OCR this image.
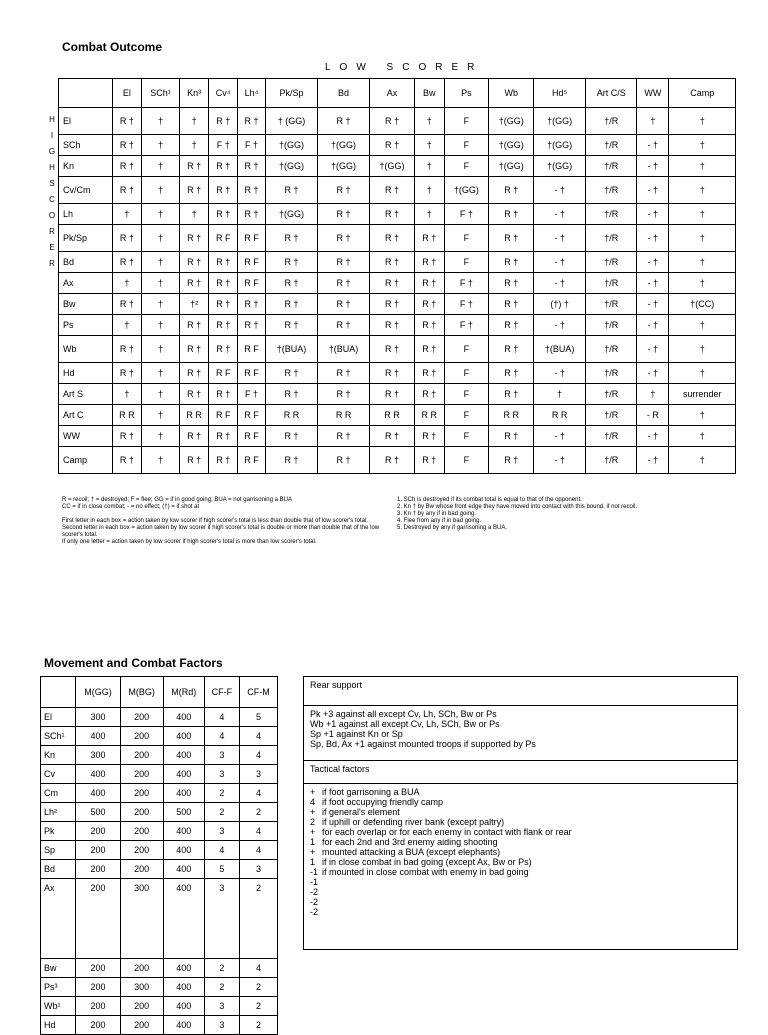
Combat Outcome
LOW SCORER
H
I
G
H
S
C
O
R
E
R
	El	SCh¹	Kn³	Cv⁴	Lh⁴	Pk/Sp	Bd	Ax	Bw	Ps	Wb	Hd⁵	Art C/S	WW	Camp
El	R †	†	†	R †	R †	† (GG)	R †	R †	†	F	†(GG)	†(GG)	†/R	†	†
SCh	R †	†	†	F †	F †	†(GG)	†(GG)	R †	†	F	†(GG)	†(GG)	†/R	- †	†
Kn	R †	†	R †	R †	R †	†(GG)	†(GG)	†(GG)	†	F	†(GG)	†(GG)	†/R	- †	†
Cv/Cm	R †	†	R †	R †	R †	R †	R †	R †	†	†(GG)	R †	- †	†/R	- †	†
Lh	†	†	†	R †	R †	†(GG)	R †	R †	†	F †	R †	- †	†/R	- †	†
Pk/Sp	R †	†	R †	R F	R F	R †	R †	R †	R †	F	R †	- †	†/R	- †	†
Bd	R †	†	R †	R †	R F	R †	R †	R †	R †	F	R †	- †	†/R	- †	†
Ax	†	†	R †	R †	R F	R †	R †	R †	R †	F †	R †	- †	†/R	- †	†
Bw	R †	†	†²	R †	R †	R †	R †	R †	R †	F †	R †	(†) †	†/R	- †	†(CC)
Ps	†	†	R †	R †	R †	R †	R †	R †	R †	F †	R †	- †	†/R	- †	†
Wb	R †	†	R †	R †	R F	†(BUA)	†(BUA)	R †	R †	F	R †	†(BUA)	†/R	- †	†
Hd	R †	†	R †	R F	R F	R †	R †	R †	R †	F	R †	- †	†/R	- †	†
Art S	†	†	R †	R †	F †	R †	R †	R †	R †	F	R †	†	†/R	†	surrender
Art C	R R	†	R R	R F	R F	R R	R R	R R	R R	F	R R	R R	†/R	- R	†
WW	R †	†	R †	R †	R F	R †	R †	R †	R †	F	R †	- †	†/R	- †	†
Camp	R †	†	R †	R †	R F	R †	R †	R †	R †	F	R †	- †	†/R	- †	†
R = recoil; † = destroyed; F = flee; GG = if in good going; BUA = not garrisoning a BUA
CC = if in close combat; - = no effect; (†) = if shot at
First letter in each box = action taken by low scorer if high scorer's total is less than double that of low scorer's total.
Second letter in each box = action taken by low scorer if high scorer's total is double or more than double that of the low scorer's total.
If only one letter = action taken by low scorer if high scorer's total is more than low scorer's total.
1. SCh is destroyed if its combat total is equal to that of the opponent.
2. Kn † by Bw whose front edge they have moved into contact with this bound, if not recoil.
3. Kn † by any if in bad going.
4. Flee from any if in bad going.
5. Destroyed by any if garrisoning a BUA.
Movement and Combat Factors
	M(GG)	M(BG)	M(Rd)	CF-F	CF-M
El	300	200	400	4	5
SCh¹	400	200	400	4	4
Kn	300	200	400	3	4
Cv	400	200	400	3	3
Cm	400	200	400	2	4
Lh²	500	200	500	2	2
Pk	200	200	400	3	4
Sp	200	200	400	4	4
Bd	200	200	400	5	3
Ax	200	300	400	3	2
Bw	200	200	400	2	4
Ps³	200	300	400	2	2
Wb¹	200	200	400	3	2
Hd	200	200	400	3	2
Rear support
Pk +3 against all except Cv, Lh, SCh, Bw or Ps
Wb +1 against all except Cv, Lh, SCh, Bw or Ps
Sp +1 against Kn or Sp
Sp, Bd, Ax +1 against mounted troops if supported by Ps
Tactical factors
+ if foot garrisoning a BUA
4 if foot occupying friendly camp
+ if general's element
2 if uphill or defending river bank (except paltry)
+ for each overlap or for each enemy in contact with flank or rear
1 for each 2nd and 3rd enemy aiding shooting
+ mounted attacking a BUA (except elephants)
1 if in close combat in bad going (except Ax, Bw or Ps)
-1 if mounted in close combat with enemy in bad going
-1
-2
-2
-2
